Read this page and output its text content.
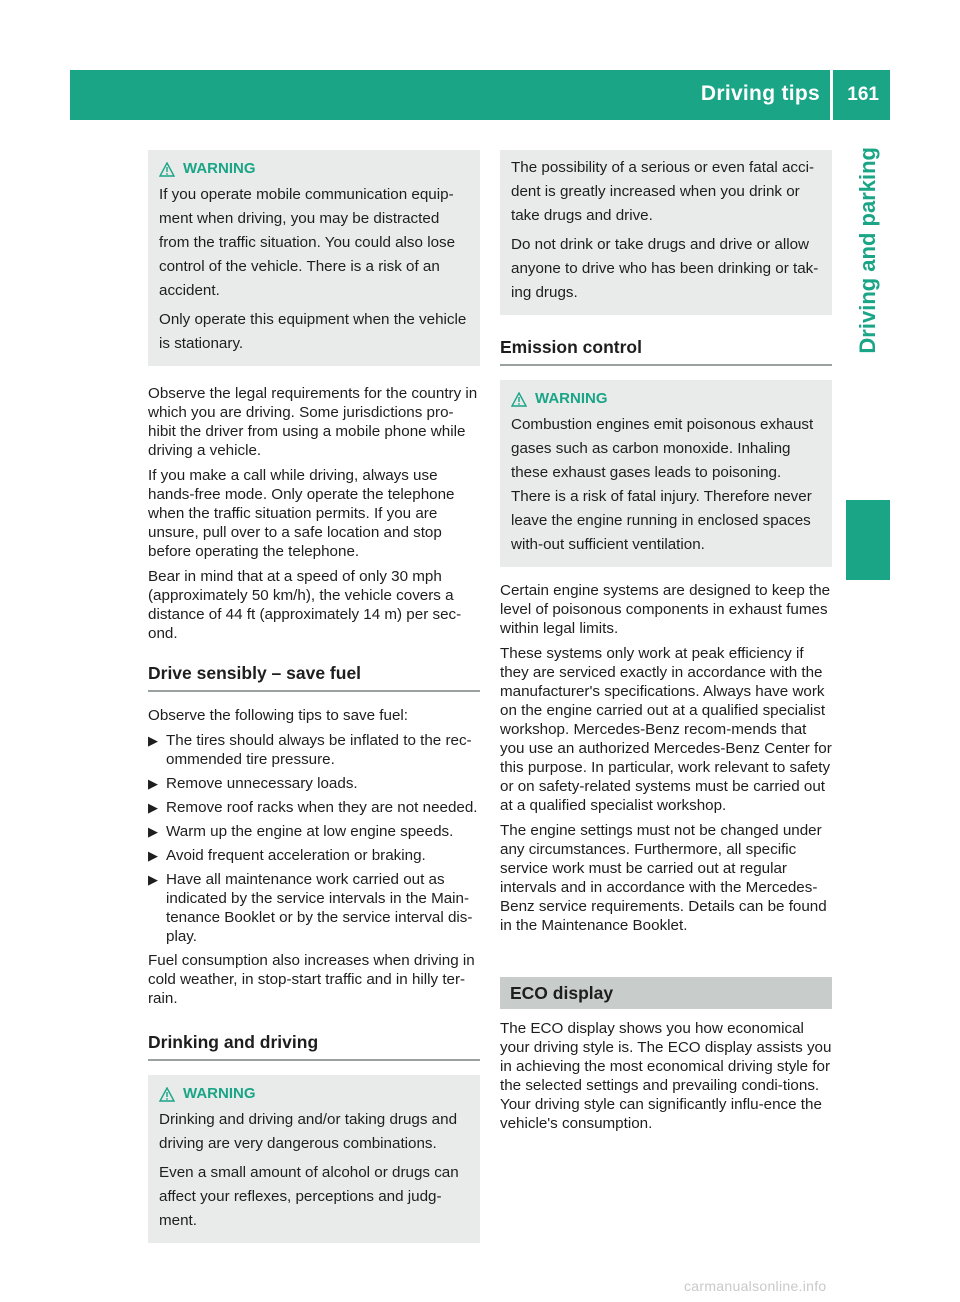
Driving tips 161
Driving and parking
WARNING

If you operate mobile communication equip-ment when driving, you may be distracted from the traffic situation. You could also lose control of the vehicle. There is a risk of an accident.

Only operate this equipment when the vehicle is stationary.

Observe the legal requirements for the country in which you are driving. Some jurisdictions pro-hibit the driver from using a mobile phone while driving a vehicle.

If you make a call while driving, always use hands-free mode. Only operate the telephone when the traffic situation permits. If you are unsure, pull over to a safe location and stop before operating the telephone.

Bear in mind that at a speed of only 30 mph (approximately 50 km/h), the vehicle covers a distance of 44 ft (approximately 14 m) per sec-ond.

Drive sensibly – save fuel

Observe the following tips to save fuel:

▶ The tires should always be inflated to the rec-ommended tire pressure.
▶ Remove unnecessary loads.
▶ Remove roof racks when they are not needed.
▶ Warm up the engine at low engine speeds.
▶ Avoid frequent acceleration or braking.
▶ Have all maintenance work carried out as indicated by the service intervals in the Main-tenance Booklet or by the service interval dis-play.

Fuel consumption also increases when driving in cold weather, in stop-start traffic and in hilly ter-rain.

Drinking and driving
WARNING

Drinking and driving and/or taking drugs and driving are very dangerous combinations.

Even a small amount of alcohol or drugs can affect your reflexes, perceptions and judg-ment.

The possibility of a serious or even fatal acci-dent is greatly increased when you drink or take drugs and drive.

Do not drink or take drugs and drive or allow anyone to drive who has been drinking or tak-ing drugs.

Emission control
WARNING

Combustion engines emit poisonous exhaust gases such as carbon monoxide. Inhaling these exhaust gases leads to poisoning. There is a risk of fatal injury. Therefore never leave the engine running in enclosed spaces with-out sufficient ventilation.

Certain engine systems are designed to keep the level of poisonous components in exhaust fumes within legal limits.

These systems only work at peak efficiency if they are serviced exactly in accordance with the manufacturer's specifications. Always have work on the engine carried out at a qualified specialist workshop. Mercedes-Benz recom-mends that you use an authorized Mercedes-Benz Center for this purpose. In particular, work relevant to safety or on safety-related systems must be carried out at a qualified specialist workshop.

The engine settings must not be changed under any circumstances. Furthermore, all specific service work must be carried out at regular intervals and in accordance with the Mercedes-Benz service requirements. Details can be found in the Maintenance Booklet.

ECO display

The ECO display shows you how economical your driving style is. The ECO display assists you in achieving the most economical driving style for the selected settings and prevailing condi-tions. Your driving style can significantly influ-ence the vehicle's consumption.

carmanualsonline.info
